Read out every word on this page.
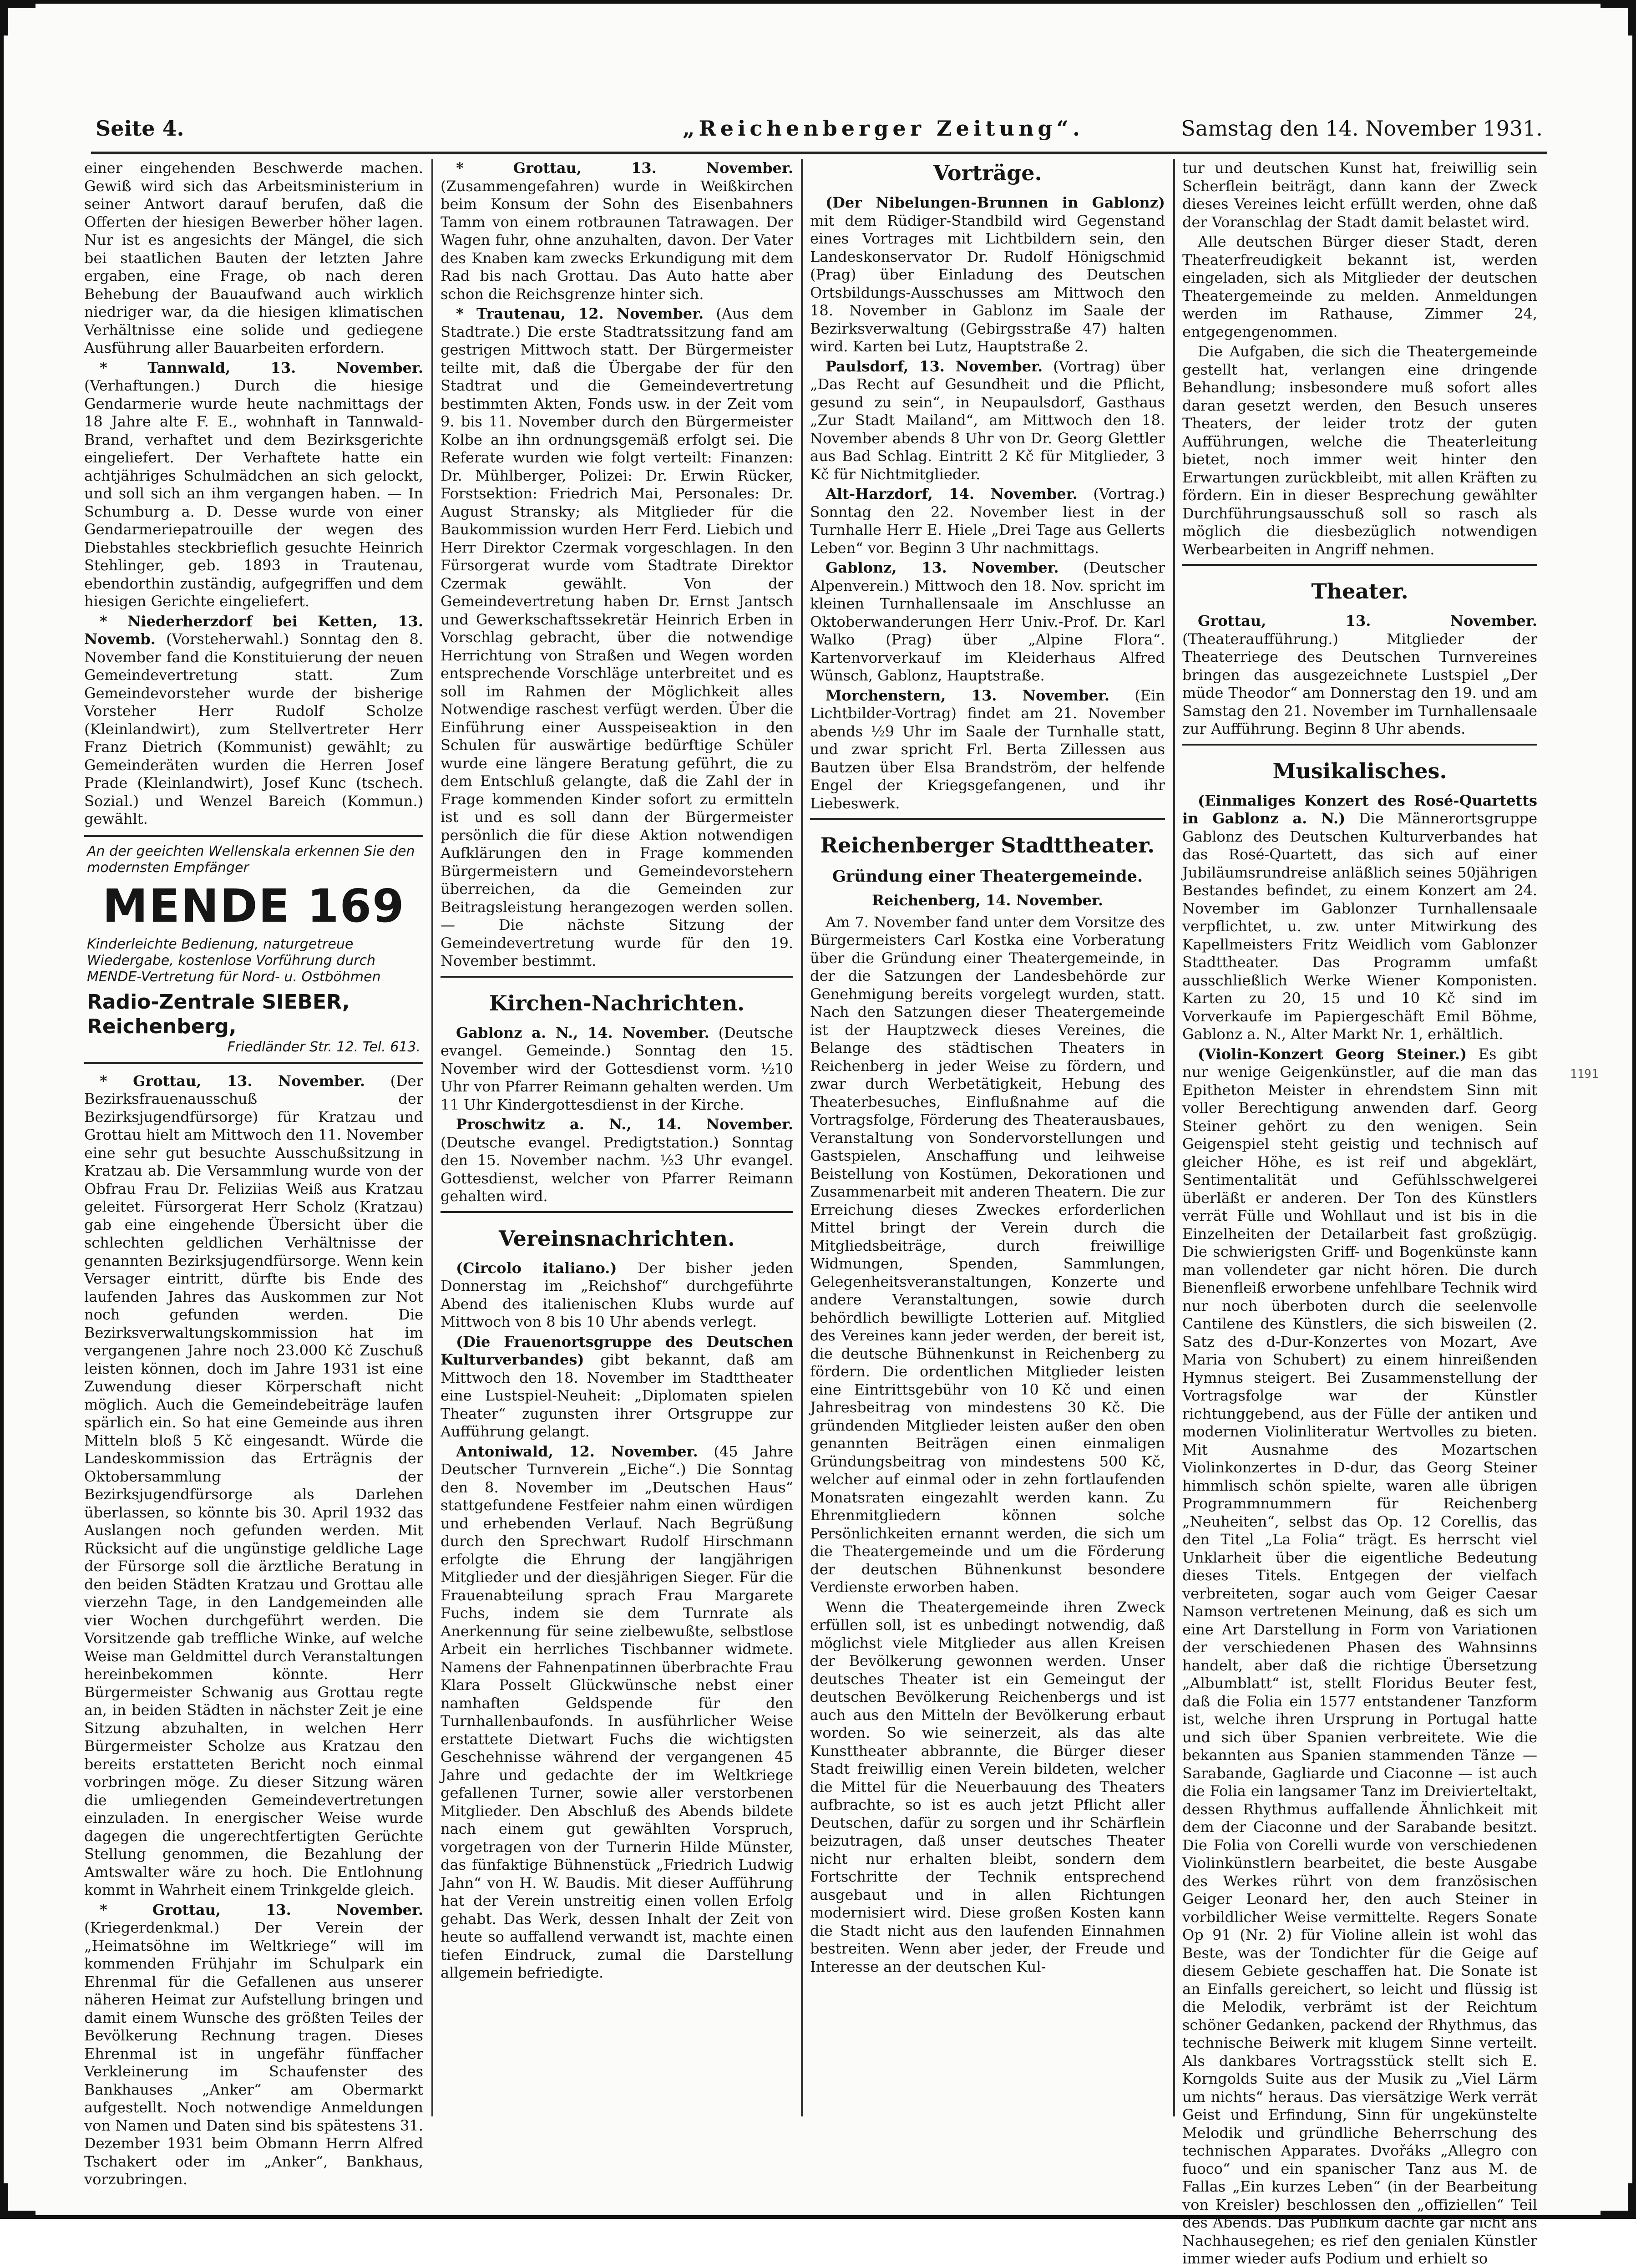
Seite 4.	„Reichenberger Zeitung“.	Samstag den 14. November 1931.

einer eingehenden Beschwerde machen. Gewiß wird sich das Arbeitsministerium in seiner Antwort darauf berufen, daß die Offerten der hiesigen Bewerber höher lagen. Nur ist es angesichts der Mängel, die sich bei staatlichen Bauten der letzten Jahre ergaben, eine Frage, ob nach deren Behebung der Bauaufwand auch wirklich niedriger war, da die hiesigen klimatischen Verhältnisse eine solide und gediegene Ausführung aller Bauarbeiten erfordern.

* Tannwald, 13. November. (Verhaftungen.) Durch die hiesige Gendarmerie wurde heute nachmittags der 18 Jahre alte F. E., wohnhaft in Tannwald-Brand, verhaftet und dem Bezirksgerichte eingeliefert. Der Verhaftete hatte ein achtjähriges Schulmädchen an sich gelockt, und soll sich an ihm vergangen haben. — In Schumburg a. D. Desse wurde von einer Gendarmeriepatrouille der wegen des Diebstahles steckbrieflich gesuchte Heinrich Stehlinger, geb. 1893 in Trautenau, ebendorthin zuständig, aufgegriffen und dem hiesigen Gerichte eingeliefert.

* Niederherzdorf bei Ketten, 13. Novemb. (Vorsteherwahl.) Sonntag den 8. November fand die Konstituierung der neuen Gemeindevertretung statt. Zum Gemeindevorsteher wurde der bisherige Vorsteher Herr Rudolf Scholze (Kleinlandwirt), zum Stellvertreter Herr Franz Dietrich (Kommunist) gewählt; zu Gemeinderäten wurden die Herren Josef Prade (Kleinlandwirt), Josef Kunc (tschech. Sozial.) und Wenzel Bareich (Kommun.) gewählt.

An der geeichten Wellenskala erkennen Sie den modernsten Empfänger
MENDE 169
Kinderleichte Bedienung, naturgetreue Wiedergabe, kostenlose Vorführung durch MENDE-Vertretung für Nord- u. Ostböhmen
Radio-Zentrale SIEBER, Reichenberg,
Friedländer Str. 12. Tel. 613.

* Grottau, 13. November. (Der Bezirksfrauenausschuß der Bezirksjugendfürsorge) für Kratzau und Grottau hielt am Mittwoch den 11. November eine sehr gut besuchte Ausschußsitzung in Kratzau ab. Die Versammlung wurde von der Obfrau Frau Dr. Feliziias Weiß aus Kratzau geleitet. Fürsorgerat Herr Scholz (Kratzau) gab eine eingehende Übersicht über die schlechten geldlichen Verhältnisse der genannten Bezirksjugendfürsorge. Wenn kein Versager eintritt, dürfte bis Ende des laufenden Jahres das Auskommen zur Not noch gefunden werden. Die Bezirksverwaltungskommission hat im vergangenen Jahre noch 23.000 Kč Zuschuß leisten können, doch im Jahre 1931 ist eine Zuwendung dieser Körperschaft nicht möglich. Auch die Gemeindebeiträge laufen spärlich ein. So hat eine Gemeinde aus ihren Mitteln bloß 5 Kč eingesandt. Würde die Landeskommission das Erträgnis der Oktobersammlung der Bezirksjugendfürsorge als Darlehen überlassen, so könnte bis 30. April 1932 das Auslangen noch gefunden werden. Mit Rücksicht auf die ungünstige geldliche Lage der Fürsorge soll die ärztliche Beratung in den beiden Städten Kratzau und Grottau alle vierzehn Tage, in den Landgemeinden alle vier Wochen durchgeführt werden. Die Vorsitzende gab treffliche Winke, auf welche Weise man Geldmittel durch Veranstaltungen hereinbekommen könnte. Herr Bürgermeister Schwanig aus Grottau regte an, in beiden Städten in nächster Zeit je eine Sitzung abzuhalten, in welchen Herr Bürgermeister Scholze aus Kratzau den bereits erstatteten Bericht noch einmal vorbringen möge. Zu dieser Sitzung wären die umliegenden Gemeindevertretungen einzuladen. In energischer Weise wurde dagegen die ungerechtfertigten Gerüchte Stellung genommen, die Bezahlung der Amtswalter wäre zu hoch. Die Entlohnung kommt in Wahrheit einem Trinkgelde gleich.

* Grottau, 13. November. (Kriegerdenkmal.) Der Verein der „Heimatsöhne im Weltkriege“ will im kommenden Frühjahr im Schulpark ein Ehrenmal für die Gefallenen aus unserer näheren Heimat zur Aufstellung bringen und damit einem Wunsche des größten Teiles der Bevölkerung Rechnung tragen. Dieses Ehrenmal ist in ungefähr fünffacher Verkleinerung im Schaufenster des Bankhauses „Anker“ am Obermarkt aufgestellt. Noch notwendige Anmeldungen von Namen und Daten sind bis spätestens 31. Dezember 1931 beim Obmann Herrn Alfred Tschakert oder im „Anker“, Bankhaus, vorzubringen.

* Grottau, 13. November. (Zusammengefahren) wurde in Weißkirchen beim Konsum der Sohn des Eisenbahners Tamm von einem rotbraunen Tatrawagen. Der Wagen fuhr, ohne anzuhalten, davon. Der Vater des Knaben kam zwecks Erkundigung mit dem Rad bis nach Grottau. Das Auto hatte aber schon die Reichsgrenze hinter sich.

* Trautenau, 12. November. (Aus dem Stadtrate.) Die erste Stadtratssitzung fand am gestrigen Mittwoch statt. Der Bürgermeister teilte mit, daß die Übergabe der für den Stadtrat und die Gemeindevertretung bestimmten Akten, Fonds usw. in der Zeit vom 9. bis 11. November durch den Bürgermeister Kolbe an ihn ordnungsgemäß erfolgt sei. Die Referate wurden wie folgt verteilt: Finanzen: Dr. Mühlberger, Polizei: Dr. Erwin Rücker, Forstsektion: Friedrich Mai, Personales: Dr. August Stransky; als Mitglieder für die Baukommission wurden Herr Ferd. Liebich und Herr Direktor Czermak vorgeschlagen. In den Fürsorgerat wurde vom Stadtrate Direktor Czermak gewählt. Von der Gemeindevertretung haben Dr. Ernst Jantsch und Gewerkschaftssekretär Heinrich Erben in Vorschlag gebracht, über die notwendige Herrichtung von Straßen und Wegen worden entsprechende Vorschläge unterbreitet und es soll im Rahmen der Möglichkeit alles Notwendige raschest verfügt werden. Über die Einführung einer Ausspeiseaktion in den Schulen für auswärtige bedürftige Schüler wurde eine längere Beratung geführt, die zu dem Entschluß gelangte, daß die Zahl der in Frage kommenden Kinder sofort zu ermitteln ist und es soll dann der Bürgermeister persönlich die für diese Aktion notwendigen Aufklärungen den in Frage kommenden Bürgermeistern und Gemeindevorstehern überreichen, da die Gemeinden zur Beitragsleistung herangezogen werden sollen. — Die nächste Sitzung der Gemeindevertretung wurde für den 19. November bestimmt.

Kirchen-Nachrichten.

Gablonz a. N., 14. November. (Deutsche evangel. Gemeinde.) Sonntag den 15. November wird der Gottesdienst vorm. ½10 Uhr von Pfarrer Reimann gehalten werden. Um 11 Uhr Kindergottesdienst in der Kirche.

Proschwitz a. N., 14. November. (Deutsche evangel. Predigtstation.) Sonntag den 15. November nachm. ½3 Uhr evangel. Gottesdienst, welcher von Pfarrer Reimann gehalten wird.

Vereinsnachrichten.

(Circolo italiano.) Der bisher jeden Donnerstag im „Reichshof“ durchgeführte Abend des italienischen Klubs wurde auf Mittwoch von 8 bis 10 Uhr abends verlegt.

(Die Frauenortsgruppe des Deutschen Kulturverbandes) gibt bekannt, daß am Mittwoch den 18. November im Stadttheater eine Lustspiel-Neuheit: „Diplomaten spielen Theater“ zugunsten ihrer Ortsgruppe zur Aufführung gelangt.

Antoniwald, 12. November. (45 Jahre Deutscher Turnverein „Eiche“.) Die Sonntag den 8. November im „Deutschen Haus“ stattgefundene Festfeier nahm einen würdigen und erhebenden Verlauf. Nach Begrüßung durch den Sprechwart Rudolf Hirschmann erfolgte die Ehrung der langjährigen Mitglieder und der diesjährigen Sieger. Für die Frauenabteilung sprach Frau Margarete Fuchs, indem sie dem Turnrate als Anerkennung für seine zielbewußte, selbstlose Arbeit ein herrliches Tischbanner widmete. Namens der Fahnenpatinnen überbrachte Frau Klara Posselt Glückwünsche nebst einer namhaften Geldspende für den Turnhallenbaufonds. In ausführlicher Weise erstattete Dietwart Fuchs die wichtigsten Geschehnisse während der vergangenen 45 Jahre und gedachte der im Weltkriege gefallenen Turner, sowie aller verstorbenen Mitglieder. Den Abschluß des Abends bildete nach einem gut gewählten Vorspruch, vorgetragen von der Turnerin Hilde Münster, das fünfaktige Bühnenstück „Friedrich Ludwig Jahn“ von H. W. Baudis. Mit dieser Aufführung hat der Verein unstreitig einen vollen Erfolg gehabt. Das Werk, dessen Inhalt der Zeit von heute so auffallend verwandt ist, machte einen tiefen Eindruck, zumal die Darstellung allgemein befriedigte.

Vorträge.

(Der Nibelungen-Brunnen in Gablonz) mit dem Rüdiger-Standbild wird Gegenstand eines Vortrages mit Lichtbildern sein, den Landeskonservator Dr. Rudolf Hönigschmid (Prag) über Einladung des Deutschen Ortsbildungs-Ausschusses am Mittwoch den 18. November in Gablonz im Saale der Bezirksverwaltung (Gebirgsstraße 47) halten wird. Karten bei Lutz, Hauptstraße 2.

Paulsdorf, 13. November. (Vortrag) über „Das Recht auf Gesundheit und die Pflicht, gesund zu sein“, in Neupaulsdorf, Gasthaus „Zur Stadt Mailand“, am Mittwoch den 18. November abends 8 Uhr von Dr. Georg Glettler aus Bad Schlag. Eintritt 2 Kč für Mitglieder, 3 Kč für Nichtmitglieder.

Alt-Harzdorf, 14. November. (Vortrag.) Sonntag den 22. November liest in der Turnhalle Herr E. Hiele „Drei Tage aus Gellerts Leben“ vor. Beginn 3 Uhr nachmittags.

Gablonz, 13. November. (Deutscher Alpenverein.) Mittwoch den 18. Nov. spricht im kleinen Turnhallensaale im Anschlusse an Oktoberwanderungen Herr Univ.-Prof. Dr. Karl Walko (Prag) über „Alpine Flora“. Kartenvorverkauf im Kleiderhaus Alfred Wünsch, Gablonz, Hauptstraße.

Morchenstern, 13. November. (Ein Lichtbilder-Vortrag) findet am 21. November abends ½9 Uhr im Saale der Turnhalle statt, und zwar spricht Frl. Berta Zillessen aus Bautzen über Elsa Brandström, der helfende Engel der Kriegsgefangenen, und ihr Liebeswerk.

Reichenberger Stadttheater.
Gründung einer Theatergemeinde.
Reichenberg, 14. November.

Am 7. November fand unter dem Vorsitze des Bürgermeisters Carl Kostka eine Vorberatung über die Gründung einer Theatergemeinde, in der die Satzungen der Landesbehörde zur Genehmigung bereits vorgelegt wurden, statt. Nach den Satzungen dieser Theatergemeinde ist der Hauptzweck dieses Vereines, die Belange des städtischen Theaters in Reichenberg in jeder Weise zu fördern, und zwar durch Werbetätigkeit, Hebung des Theaterbesuches, Einflußnahme auf die Vortragsfolge, Förderung des Theaterausbaues, Veranstaltung von Sondervorstellungen und Gastspielen, Anschaffung und leihweise Beistellung von Kostümen, Dekorationen und Zusammenarbeit mit anderen Theatern. Die zur Erreichung dieses Zweckes erforderlichen Mittel bringt der Verein durch die Mitgliedsbeiträge, durch freiwillige Widmungen, Spenden, Sammlungen, Gelegenheitsveranstaltungen, Konzerte und andere Veranstaltungen, sowie durch behördlich bewilligte Lotterien auf. Mitglied des Vereines kann jeder werden, der bereit ist, die deutsche Bühnenkunst in Reichenberg zu fördern. Die ordentlichen Mitglieder leisten eine Eintrittsgebühr von 10 Kč und einen Jahresbeitrag von mindestens 30 Kč. Die gründenden Mitglieder leisten außer den oben genannten Beiträgen einen einmaligen Gründungsbeitrag von mindestens 500 Kč, welcher auf einmal oder in zehn fortlaufenden Monatsraten eingezahlt werden kann. Zu Ehrenmitgliedern können solche Persönlichkeiten ernannt werden, die sich um die Theatergemeinde und um die Förderung der deutschen Bühnenkunst besondere Verdienste erworben haben.

Wenn die Theatergemeinde ihren Zweck erfüllen soll, ist es unbedingt notwendig, daß möglichst viele Mitglieder aus allen Kreisen der Bevölkerung gewonnen werden. Unser deutsches Theater ist ein Gemeingut der deutschen Bevölkerung Reichenbergs und ist auch aus den Mitteln der Bevölkerung erbaut worden. So wie seinerzeit, als das alte Kunsttheater abbrannte, die Bürger dieser Stadt freiwillig einen Verein bildeten, welcher die Mittel für die Neuerbauung des Theaters aufbrachte, so ist es auch jetzt Pflicht aller Deutschen, dafür zu sorgen und ihr Schärflein beizutragen, daß unser deutsches Theater nicht nur erhalten bleibt, sondern dem Fortschritte der Technik entsprechend ausgebaut und in allen Richtungen modernisiert wird. Diese großen Kosten kann die Stadt nicht aus den laufenden Einnahmen bestreiten. Wenn aber jeder, der Freude und Interesse an der deutschen Kul-

tur und deutschen Kunst hat, freiwillig sein Scherflein beiträgt, dann kann der Zweck dieses Vereines leicht erfüllt werden, ohne daß der Voranschlag der Stadt damit belastet wird.

Alle deutschen Bürger dieser Stadt, deren Theaterfreudigkeit bekannt ist, werden eingeladen, sich als Mitglieder der deutschen Theatergemeinde zu melden. Anmeldungen werden im Rathause, Zimmer 24, entgegengenommen.

Die Aufgaben, die sich die Theatergemeinde gestellt hat, verlangen eine dringende Behandlung; insbesondere muß sofort alles daran gesetzt werden, den Besuch unseres Theaters, der leider trotz der guten Aufführungen, welche die Theaterleitung bietet, noch immer weit hinter den Erwartungen zurückbleibt, mit allen Kräften zu fördern. Ein in dieser Besprechung gewählter Durchführungsausschuß soll so rasch als möglich die diesbezüglich notwendigen Werbearbeiten in Angriff nehmen.

Theater.

Grottau, 13. November. (Theateraufführung.) Mitglieder der Theaterriege des Deutschen Turnvereines bringen das ausgezeichnete Lustspiel „Der müde Theodor“ am Donnerstag den 19. und am Samstag den 21. November im Turnhallensaale zur Aufführung. Beginn 8 Uhr abends.

Musikalisches.

(Einmaliges Konzert des Rosé-Quartetts in Gablonz a. N.) Die Männerortsgruppe Gablonz des Deutschen Kulturverbandes hat das Rosé-Quartett, das sich auf einer Jubiläumsrundreise anläßlich seines 50jährigen Bestandes befindet, zu einem Konzert am 24. November im Gablonzer Turnhallensaale verpflichtet, u. zw. unter Mitwirkung des Kapellmeisters Fritz Weidlich vom Gablonzer Stadttheater. Das Programm umfaßt ausschließlich Werke Wiener Komponisten. Karten zu 20, 15 und 10 Kč sind im Vorverkaufe im Papiergeschäft Emil Böhme, Gablonz a. N., Alter Markt Nr. 1, erhältlich.

(Violin-Konzert Georg Steiner.) Es gibt nur wenige Geigenkünstler, auf die man das Epitheton Meister in ehrendstem Sinn mit voller Berechtigung anwenden darf. Georg Steiner gehört zu den wenigen. Sein Geigenspiel steht geistig und technisch auf gleicher Höhe, es ist reif und abgeklärt, Sentimentalität und Gefühlsschwelgerei überläßt er anderen. Der Ton des Künstlers verrät Fülle und Wohllaut und ist bis in die Einzelheiten der Detailarbeit fast großzügig. Die schwierigsten Griff- und Bogenkünste kann man vollendeter gar nicht hören. Die durch Bienenfleiß erworbene unfehlbare Technik wird nur noch überboten durch die seelenvolle Cantilene des Künstlers, die sich bisweilen (2. Satz des d-Dur-Konzertes von Mozart, Ave Maria von Schubert) zu einem hinreißenden Hymnus steigert. Bei Zusammenstellung der Vortragsfolge war der Künstler richtunggebend, aus der Fülle der antiken und modernen Violinliteratur Wertvolles zu bieten. Mit Ausnahme des Mozartschen Violinkonzertes in D-dur, das Georg Steiner himmlisch schön spielte, waren alle übrigen Programmnummern für Reichenberg „Neuheiten“, selbst das Op. 12 Corellis, das den Titel „La Folia“ trägt. Es herrscht viel Unklarheit über die eigentliche Bedeutung dieses Titels. Entgegen der vielfach verbreiteten, sogar auch vom Geiger Caesar Namson vertretenen Meinung, daß es sich um eine Art Darstellung in Form von Variationen der verschiedenen Phasen des Wahnsinns handelt, aber daß die richtige Übersetzung „Albumblatt“ ist, stellt Floridus Beuter fest, daß die Folia ein 1577 entstandener Tanzform ist, welche ihren Ursprung in Portugal hatte und sich über Spanien verbreitete. Wie die bekannten aus Spanien stammenden Tänze — Sarabande, Gagliarde und Ciaconne — ist auch die Folia ein langsamer Tanz im Dreivierteltakt, dessen Rhythmus auffallende Ähnlichkeit mit dem der Ciaconne und der Sarabande besitzt. Die Folia von Corelli wurde von verschiedenen Violinkünstlern bearbeitet, die beste Ausgabe des Werkes rührt von dem französischen Geiger Leonard her, den auch Steiner in vorbildlicher Weise vermittelte. Regers Sonate Op 91 (Nr. 2) für Violine allein ist wohl das Beste, was der Tondichter für die Geige auf diesem Gebiete geschaffen hat. Die Sonate ist an Einfalls gereichert, so leicht und flüssig ist die Melodik, verbrämt ist der Reichtum schöner Gedanken, packend der Rhythmus, das technische Beiwerk mit klugem Sinne verteilt. Als dankbares Vortragsstück stellt sich E. Korngolds Suite aus der Musik zu „Viel Lärm um nichts“ heraus. Das viersätzige Werk verrät Geist und Erfindung, Sinn für ungekünstelte Melodik und gründliche Beherrschung des technischen Apparates. Dvořáks „Allegro con fuoco“ und ein spanischer Tanz aus M. de Fallas „Ein kurzes Leben“ (in der Bearbeitung von Kreisler) beschlossen den „offiziellen“ Teil des Abends. Das Publikum dachte gar nicht ans Nachhausegehen; es rief den genialen Künstler immer wieder aufs Podium und erhielt so

1191
